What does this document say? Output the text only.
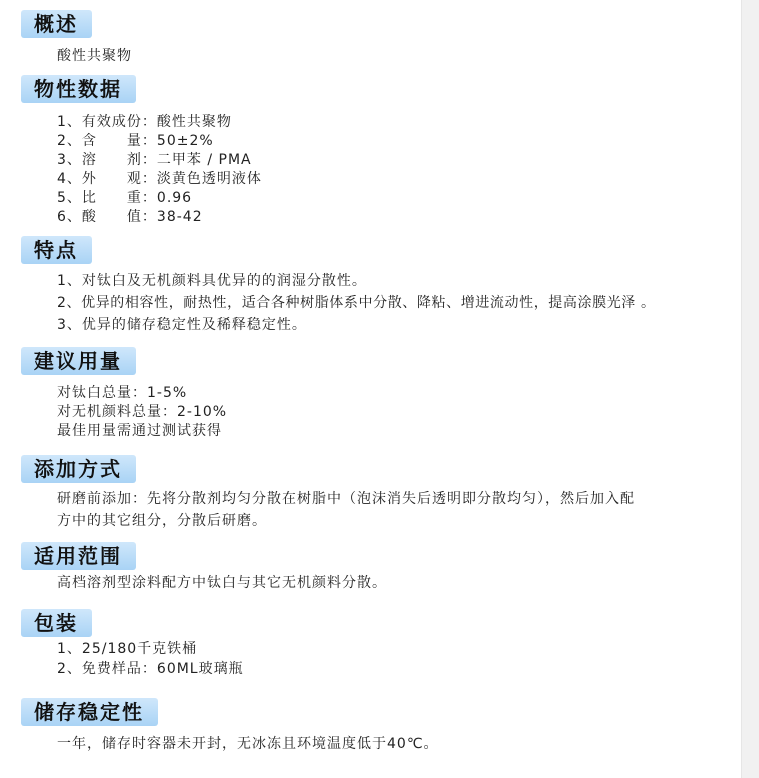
概述
酸性共聚物
物性数据
1、有效成份：酸性共聚物
2、含　　量：50±2%
3、溶　　剂：二甲苯 / PMA
4、外　　观：淡黄色透明液体
5、比　　重：0.96
6、酸　　值：38-42
特点
1、对钛白及无机颜料具优异的的润湿分散性。
2、优异的相容性，耐热性，适合各种树脂体系中分散、降粘、增进流动性，提高涂膜光泽 。
3、优异的储存稳定性及稀释稳定性。
建议用量
对钛白总量：1-5%
对无机颜料总量：2-10%
最佳用量需通过测试获得
添加方式
研磨前添加：先将分散剂均匀分散在树脂中（泡沫消失后透明即分散均匀），然后加入配
方中的其它组分，分散后研磨。
适用范围
高档溶剂型涂料配方中钛白与其它无机颜料分散。
包装
1、25/180千克铁桶
2、免费样品：60ML玻璃瓶
储存稳定性
一年，储存时容器未开封，无冰冻且环境温度低于40℃。
